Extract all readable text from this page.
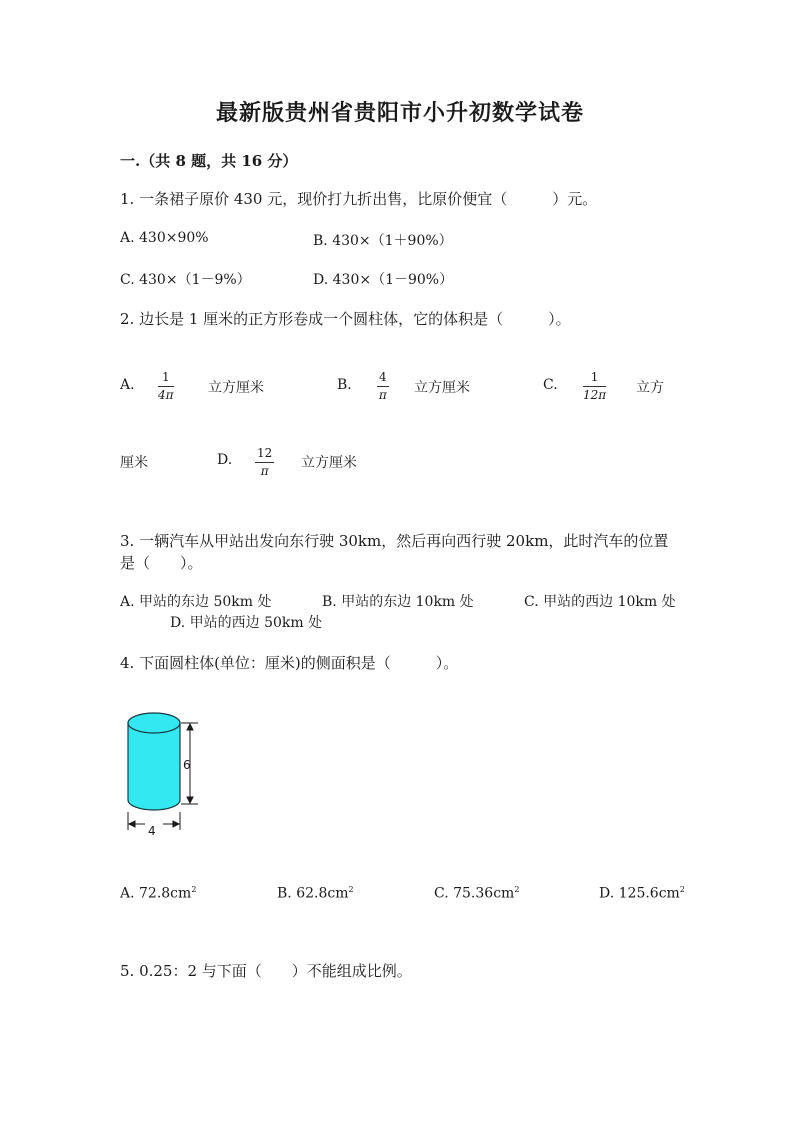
最新版贵州省贵阳市小升初数学试卷
一.（共 8 题，共 16 分）
1. 一条裙子原价 430 元，现价打九折出售，比原价便宜（　　　）元。
A. 430×90%	B. 430×（1＋90%）
C. 430×（1－9%）	D. 430×（1－90%）
2. 边长是 1 厘米的正方形卷成一个圆柱体，它的体积是（　　　）。
A. 1
4π 立方厘米	B. 4
π 立方厘米	C.	1
12π 立方
厘米	D. 12
π 立方厘米
3. 一辆汽车从甲站出发向东行驶 30km，然后再向西行驶 20km，此时汽车的位置
是（　　）。
A. 甲站的东边 50km 处	B. 甲站的东边 10km 处	C. 甲站的西边 10km 处
D. 甲站的西边 50km 处
4. 下面圆柱体(单位：厘米)的侧面积是（　　　）。
6
4
A. $72.8cm^2$	B. $62.8cm^2$	C. $75.36cm^2$	D. $125.6cm^2$
5. 0.25：2 与下面（　　）不能组成比例。
